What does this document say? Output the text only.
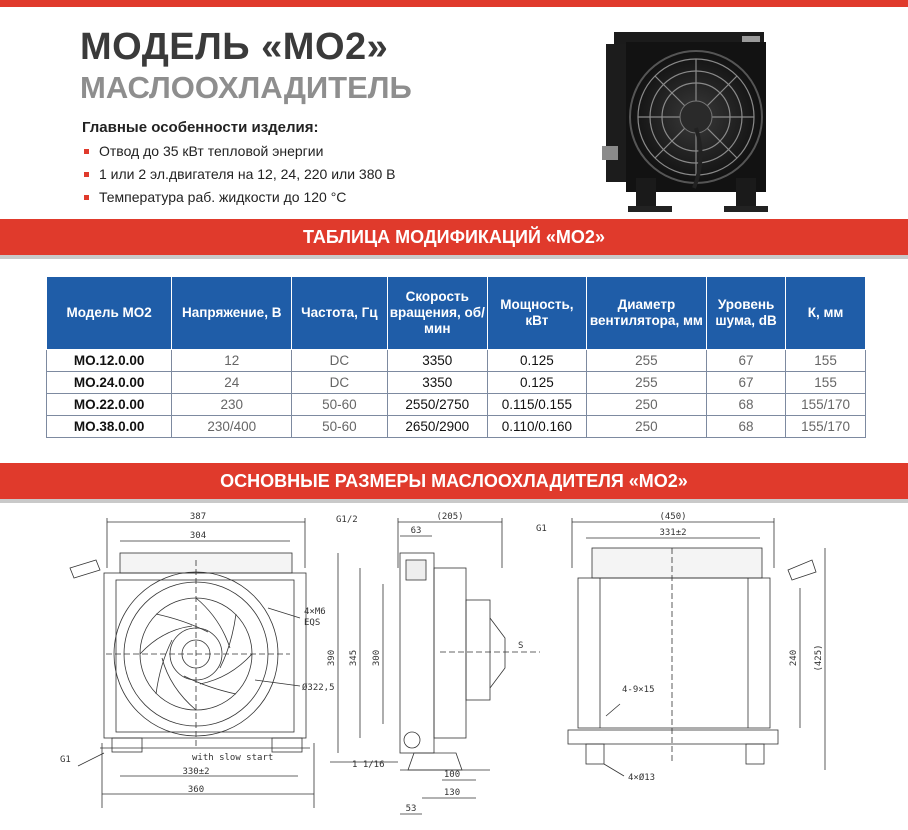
МОДЕЛЬ «MO2»
МАСЛООХЛАДИТЕЛЬ
Главные особенности изделия:
Отвод до 35 кВт тепловой энергии
1 или 2 эл.двигателя на 12, 24, 220 или 380 В
Температура раб. жидкости до 120 °C
ТАБЛИЦА МОДИФИКАЦИЙ «MO2»
Модель MO2	Напряжение, В	Частота, Гц	Скорость вращения, об/мин	Мощность, кВт	Диаметр вентилятора, мм	Уровень шума, dB	К, мм
MO.12.0.00	12	DC	3350	0.125	255	67	155
MO.24.0.00	24	DC	3350	0.125	255	67	155
MO.22.0.00	230	50-60	2550/2750	0.115/0.155	250	68	155/170
MO.38.0.00	230/400	50-60	2650/2900	0.110/0.160	250	68	155/170
ОСНОВНЫЕ РАЗМЕРЫ МАСЛООХЛАДИТЕЛЯ «MO2»
387
304
4×M6
EQS
Ø322,5
with slow start
G1
330±2
360
(205)
G1/2
63
390 345 300
S
1 1/16
100
130
53
(450)
331±2
G1
240 (425)
4-9×15
4×Ø13
